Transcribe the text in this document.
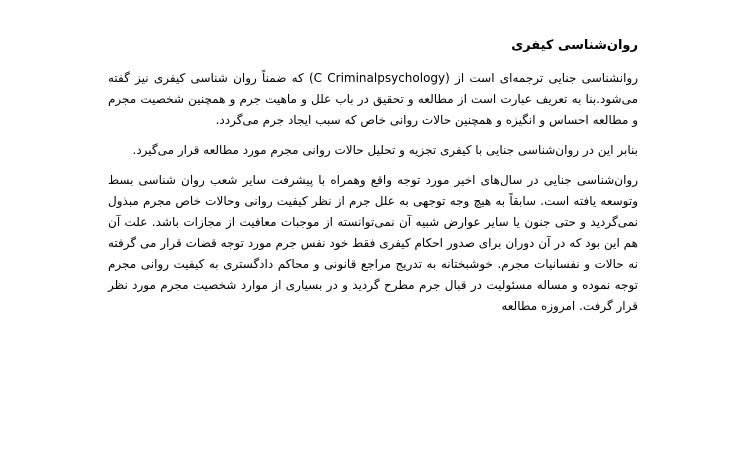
روان‌شناسی کیفری

روانشناسی جنایی ترجمه‌ای است از (C Criminalpsychology) که ضمناً روان شناسی کیفری نیز گفته می‌شود.بنا به تعریف عبارت است از مطالعه و تحقیق در باب علل و ماهیت جرم و همچنین شخصیت مجرم و مطالعه احساس و انگیزه و همچنین حالات روانی خاص که سبب ایجاد جرم می‌گردد.

بنابر این در روان‌شناسی جنایی با کیفری تجزیه و تحلیل حالات روانی مجرم مورد مطالعه قرار می‌گیرد.

روان‌شناسی جنایی در سال‌های اخیر مورد توجه واقع وهمراه با پیشرفت سایر شعب روان شناسی بسط وتوسعه یافته است. سابقاً به هیچ وجه توجهی به علل جرم از نظر کیفیت روانی وحالات خاص مجرم مبذول نمی‌گردید و حتی جنون یا سایر عوارض شبیه آن نمی‌توانسته از موجبات معافیت از مجازات باشد. علت آن هم این بود که در آن دوران برای صدور احکام کیفری فقط خود نفس جرم مورد توجه قضات قرار می گرفته نه حالات و نفسانیات مجرم. خوشبختانه به تدریج مراجع قانونی و محاکم دادگستری به کیفیت روانی مجرم توجه نموده و مساله مسئولیت در قبال جرم مطرح گردید و در بسیاری از موارد شخصیت مجرم مورد نظر قرار گرفت. امروزه مطالعه
